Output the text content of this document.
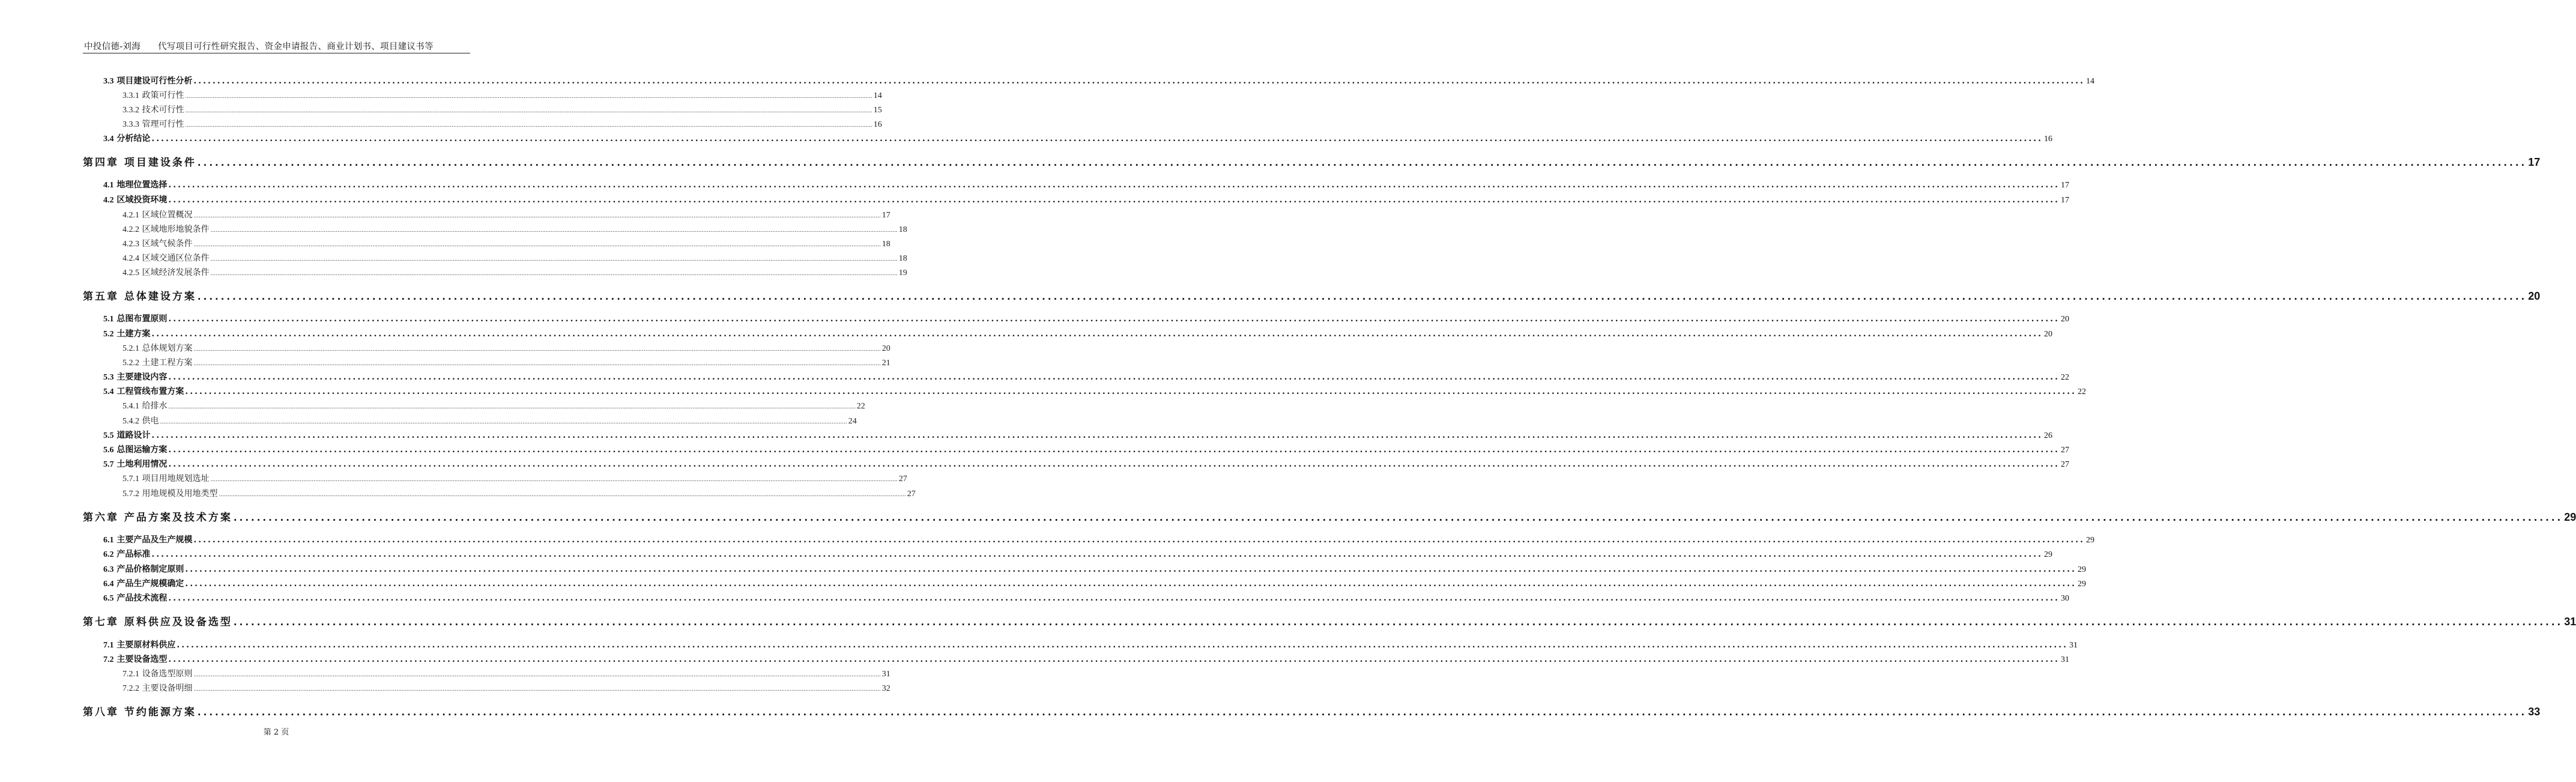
中投信德-刘海 代写项目可行性研究报告、资金申请报告、商业计划书、项目建议书等
3.3 项目建设可行性分析 ................................................................................................................................................................................................................................................................................................................................................................................................................ 14
3.3.1 政策可行性 ................................................................................................................................................................................................................................................................................................................................................................................................................ 14
3.3.2 技术可行性 ................................................................................................................................................................................................................................................................................................................................................................................................................ 15
3.3.3 管理可行性 ................................................................................................................................................................................................................................................................................................................................................................................................................ 16
3.4 分析结论 ................................................................................................................................................................................................................................................................................................................................................................................................................ 16
第四章 项目建设条件 ................................................................................................................................................................................................................................................................................................................................................................................................................ 17
4.1 地理位置选择 ................................................................................................................................................................................................................................................................................................................................................................................................................ 17
4.2 区域投资环境 ................................................................................................................................................................................................................................................................................................................................................................................................................ 17
4.2.1 区域位置概况 ................................................................................................................................................................................................................................................................................................................................................................................................................ 17
4.2.2 区域地形地貌条件 ................................................................................................................................................................................................................................................................................................................................................................................................................ 18
4.2.3 区域气候条件 ................................................................................................................................................................................................................................................................................................................................................................................................................ 18
4.2.4 区域交通区位条件 ................................................................................................................................................................................................................................................................................................................................................................................................................ 18
4.2.5 区域经济发展条件 ................................................................................................................................................................................................................................................................................................................................................................................................................ 19
第五章 总体建设方案 ................................................................................................................................................................................................................................................................................................................................................................................................................ 20
5.1 总图布置原则 ................................................................................................................................................................................................................................................................................................................................................................................................................ 20
5.2 土建方案 ................................................................................................................................................................................................................................................................................................................................................................................................................ 20
5.2.1 总体规划方案 ................................................................................................................................................................................................................................................................................................................................................................................................................ 20
5.2.2 土建工程方案 ................................................................................................................................................................................................................................................................................................................................................................................................................ 21
5.3 主要建设内容 ................................................................................................................................................................................................................................................................................................................................................................................................................ 22
5.4 工程管线布置方案 ................................................................................................................................................................................................................................................................................................................................................................................................................ 22
5.4.1 给排水 ................................................................................................................................................................................................................................................................................................................................................................................................................ 22
5.4.2 供电 ................................................................................................................................................................................................................................................................................................................................................................................................................ 24
5.5 道路设计 ................................................................................................................................................................................................................................................................................................................................................................................................................ 26
5.6 总图运输方案 ................................................................................................................................................................................................................................................................................................................................................................................................................ 27
5.7 土地利用情况 ................................................................................................................................................................................................................................................................................................................................................................................................................ 27
5.7.1 项目用地规划选址 ................................................................................................................................................................................................................................................................................................................................................................................................................ 27
5.7.2 用地规模及用地类型 ................................................................................................................................................................................................................................................................................................................................................................................................................ 27
第六章 产品方案及技术方案 ................................................................................................................................................................................................................................................................................................................................................................................................................ 29
6.1 主要产品及生产规模 ................................................................................................................................................................................................................................................................................................................................................................................................................ 29
6.2 产品标准 ................................................................................................................................................................................................................................................................................................................................................................................................................ 29
6.3 产品价格制定原则 ................................................................................................................................................................................................................................................................................................................................................................................................................ 29
6.4 产品生产规模确定 ................................................................................................................................................................................................................................................................................................................................................................................................................ 29
6.5 产品技术流程 ................................................................................................................................................................................................................................................................................................................................................................................................................ 30
第七章 原料供应及设备选型 ................................................................................................................................................................................................................................................................................................................................................................................................................ 31
7.1 主要原材料供应 ................................................................................................................................................................................................................................................................................................................................................................................................................ 31
7.2 主要设备选型 ................................................................................................................................................................................................................................................................................................................................................................................................................ 31
7.2.1 设备选型原则 ................................................................................................................................................................................................................................................................................................................................................................................................................ 31
7.2.2 主要设备明细 ................................................................................................................................................................................................................................................................................................................................................................................................................ 32
第八章 节约能源方案 ................................................................................................................................................................................................................................................................................................................................................................................................................ 33
第 2 页
